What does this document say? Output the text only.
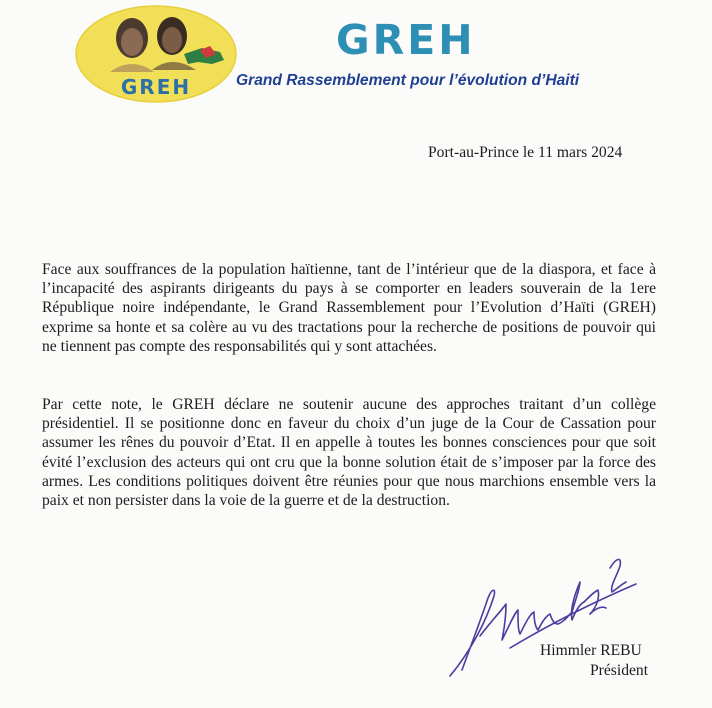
GREH
GREH

Grand Rassemblement pour l’évolution d’Haiti

Port-au-Prince le 11 mars 2024

Face aux souffrances de la population haïtienne, tant de l’intérieur que de la diaspora, et face à l’incapacité des aspirants dirigeants du pays à se comporter en leaders souverain de la 1ere République noire indépendante, le Grand Rassemblement pour l’Evolution d’Haïti (GREH) exprime sa honte et sa colère au vu des tractations pour la recherche de positions de pouvoir qui ne tiennent pas compte des responsabilités qui y sont attachées.

Par cette note, le GREH déclare ne soutenir aucune des approches traitant d’un collège présidentiel. Il se positionne donc en faveur du choix d’un juge de la Cour de Cassation pour assumer les rênes du pouvoir d’Etat. Il en appelle à toutes les bonnes consciences pour que soit évité l’exclusion des acteurs qui ont cru que la bonne solution était de s’imposer par la force des armes. Les conditions politiques doivent être réunies pour que nous marchions ensemble vers la paix et non persister dans la voie de la guerre et de la destruction.

Himmler REBU
Président
